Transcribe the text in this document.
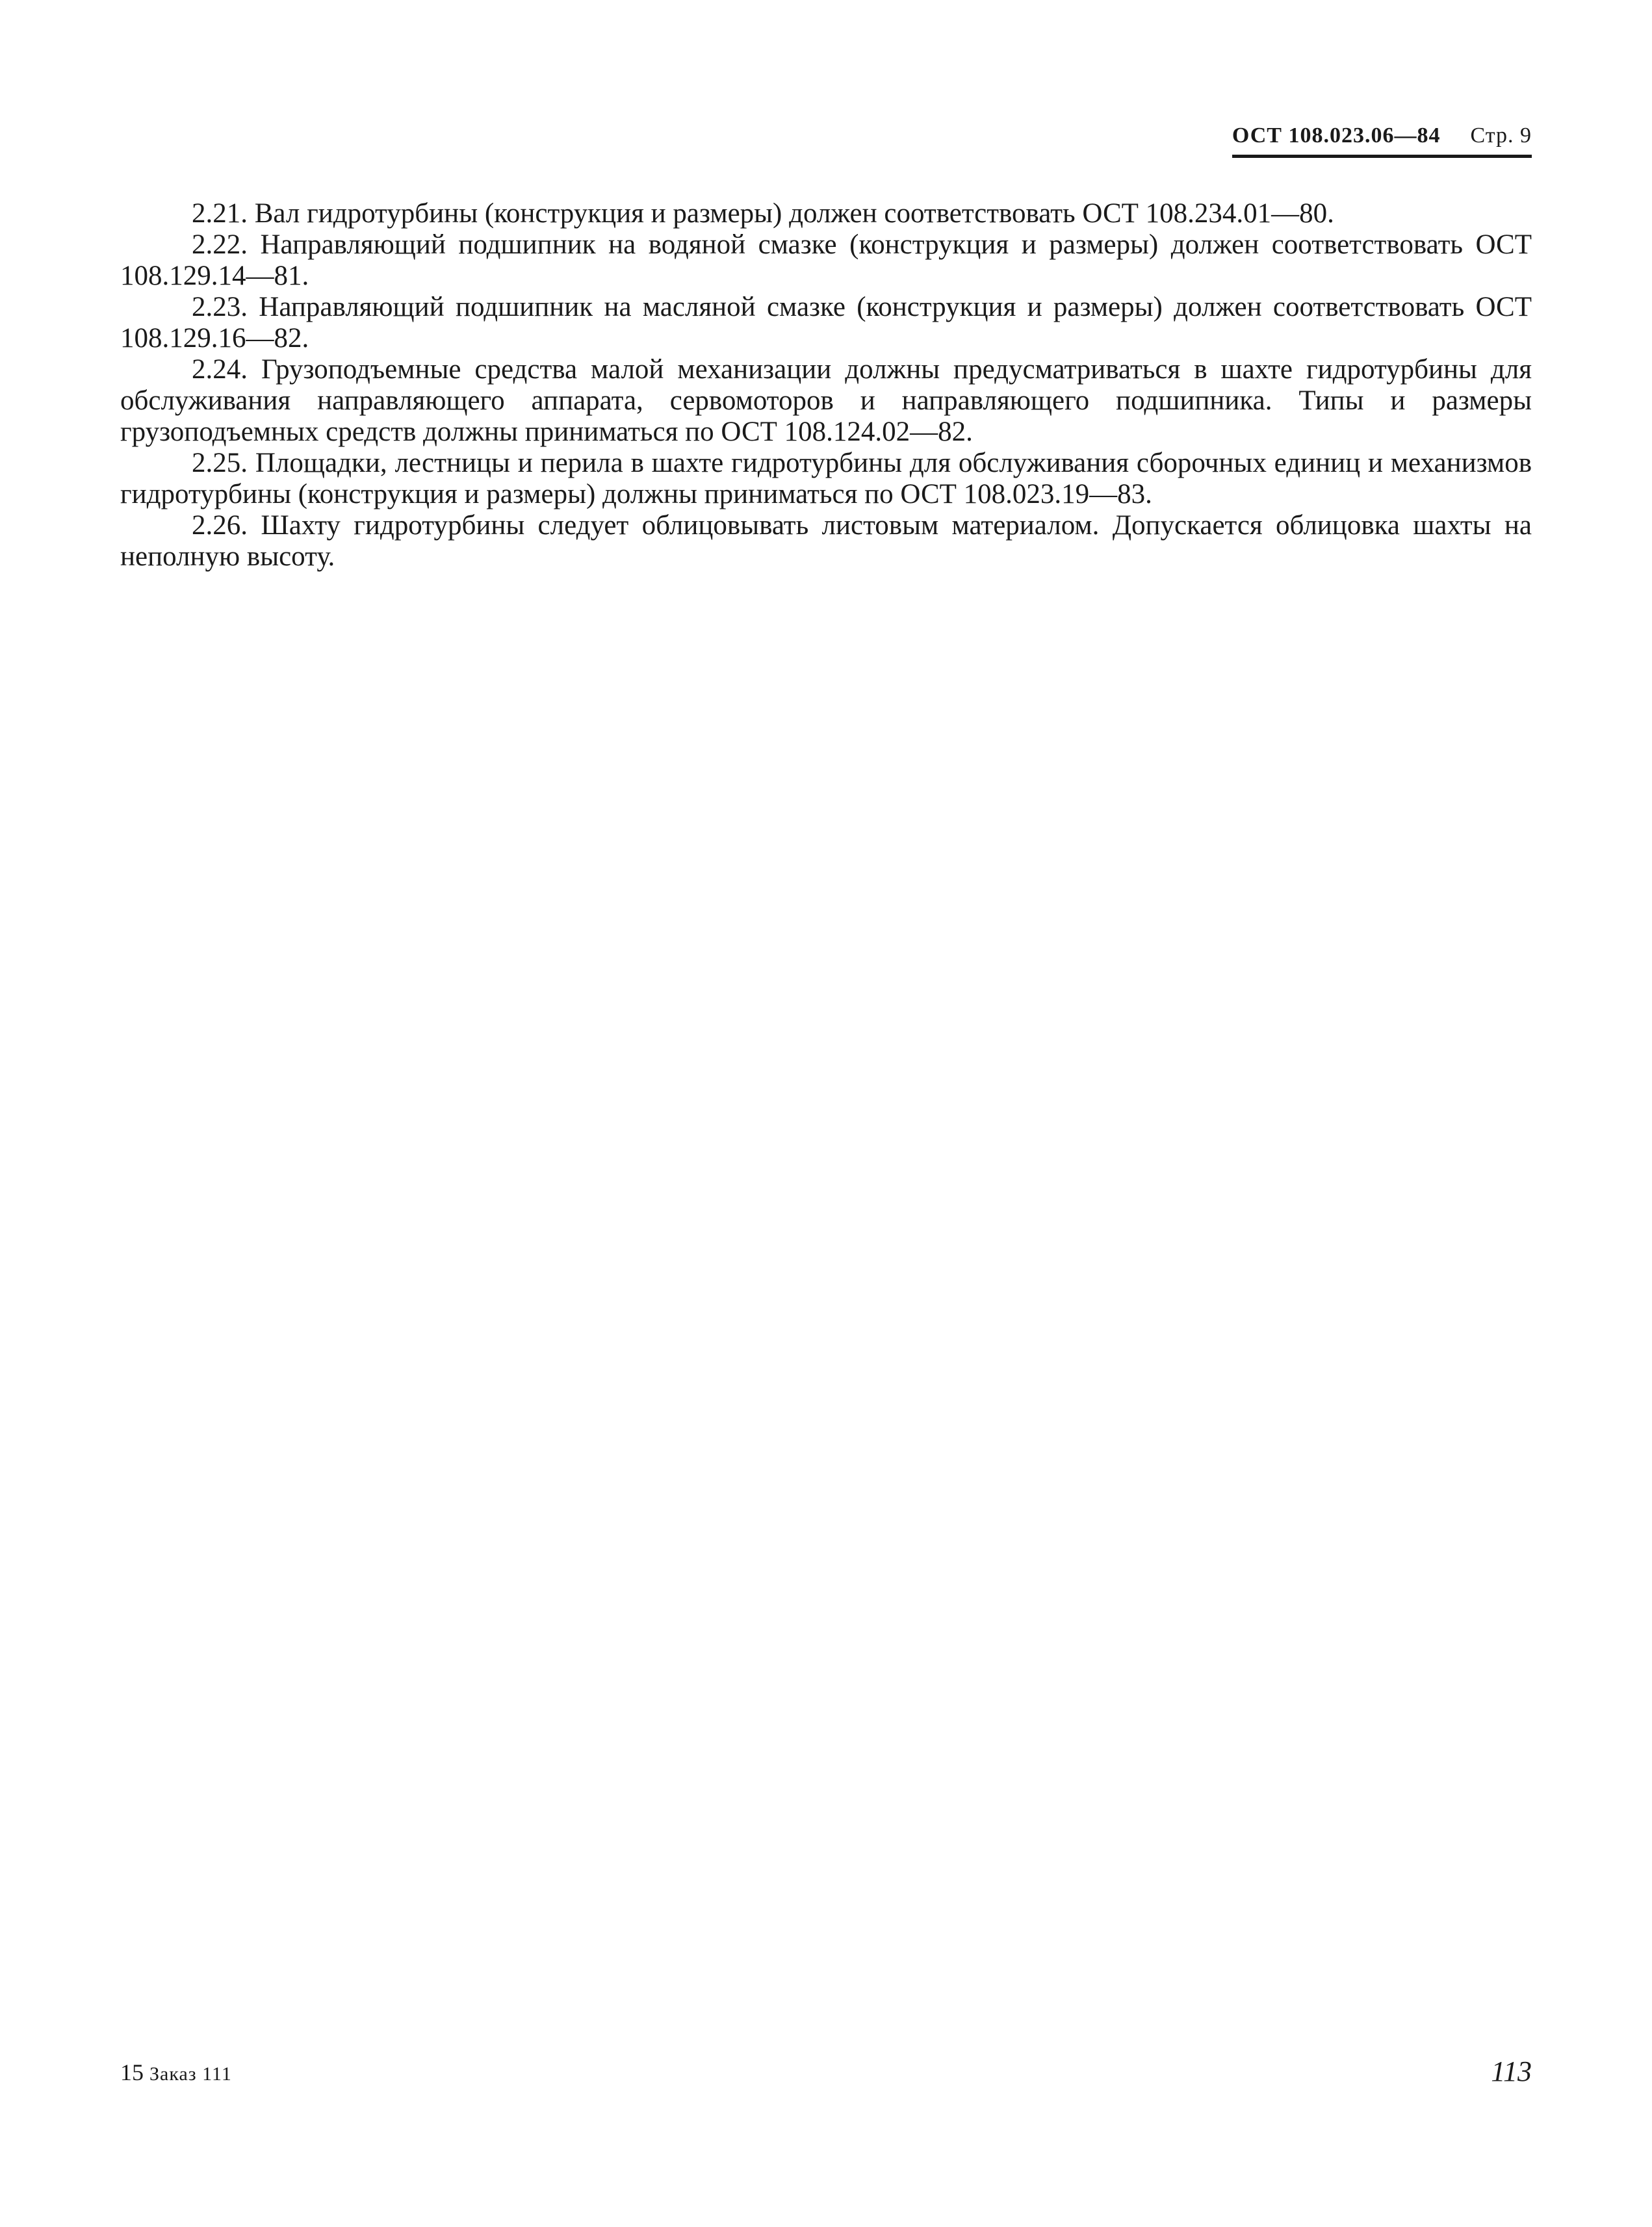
ОСТ 108.023.06—84 Стр. 9

2.21. Вал гидротурбины (конструкция и размеры) должен соответствовать ОСТ 108.234.01—80.

2.22. Направляющий подшипник на водяной смазке (конструкция и размеры) должен соответствовать ОСТ 108.129.14—81.

2.23. Направляющий подшипник на масляной смазке (конструкция и размеры) должен соответствовать ОСТ 108.129.16—82.

2.24. Грузоподъемные средства малой механизации должны предусматриваться в шахте гидротурбины для обслуживания направляющего аппарата, сервомоторов и направляющего подшипника. Типы и размеры грузоподъемных средств должны приниматься по ОСТ 108.124.02—82.

2.25. Площадки, лестницы и перила в шахте гидротурбины для обслуживания сборочных единиц и механизмов гидротурбины (конструкция и размеры) должны приниматься по ОСТ 108.023.19—83.

2.26. Шахту гидротурбины следует облицовывать листовым материалом. Допускается облицовка шахты на неполную высоту.

15 Заказ 111	113
